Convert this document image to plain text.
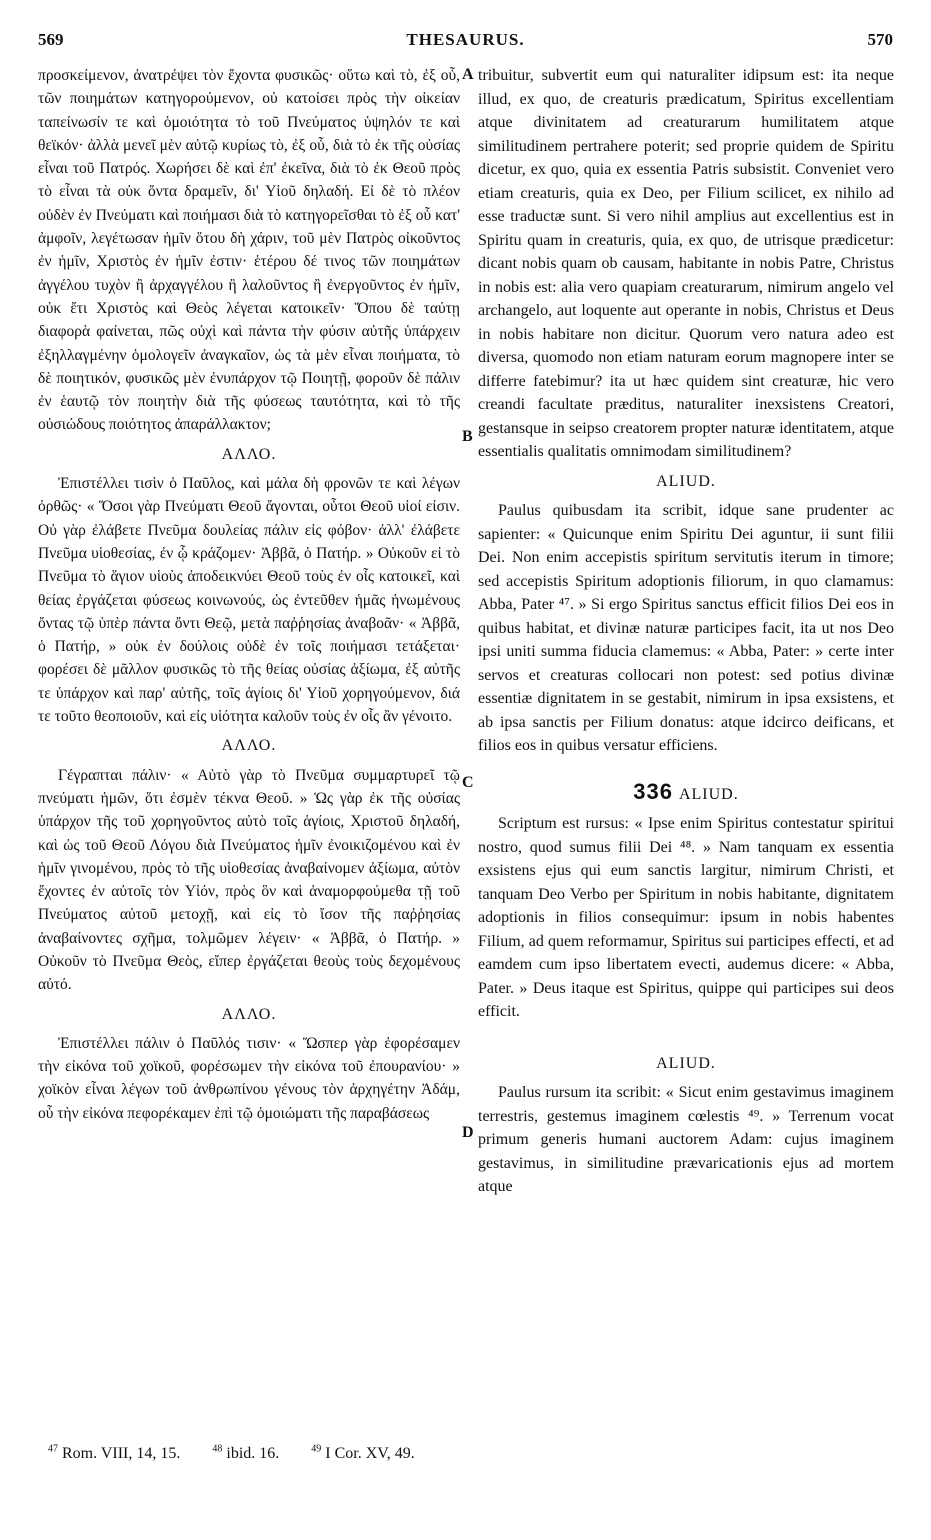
569	THESAURUS.	570

προσκείμενον, ἀνατρέψει τὸν ἔχοντα φυσικῶς· οὕτω καὶ τὸ, ἐξ οὗ, τῶν ποιημάτων κατηγορούμενον, οὐ κατοίσει πρὸς τὴν οἰκείαν ταπείνωσίν τε καὶ ὁμοιότητα τὸ τοῦ Πνεύματος ὑψηλόν τε καὶ θεϊκόν· ἀλλὰ μενεῖ μὲν αὐτῷ κυρίως τὸ, ἐξ οὗ, διὰ τὸ ἐκ τῆς οὐσίας εἶναι τοῦ Πατρός. Χωρήσει δὲ καὶ ἐπ' ἐκεῖνα, διὰ τὸ ἐκ Θεοῦ πρὸς τὸ εἶναι τὰ οὐκ ὄντα δραμεῖν, δι' Υἱοῦ δηλαδή. Εἰ δὲ τὸ πλέον οὐδὲν ἐν Πνεύματι καὶ ποιήμασι διὰ τὸ κατηγορεῖσθαι τὸ ἐξ οὗ κατ' ἀμφοῖν, λεγέτωσαν ἡμῖν ὅτου δὴ χάριν, τοῦ μὲν Πατρὸς οἰκοῦντος ἐν ἡμῖν, Χριστὸς ἐν ἡμῖν ἐστιν· ἑτέρου δέ τινος τῶν ποιημάτων ἀγγέλου τυχὸν ἢ ἀρχαγγέλου ἢ λαλοῦντος ἢ ἐνεργοῦντος ἐν ἡμῖν, οὐκ ἔτι Χριστὸς καὶ Θεὸς λέγεται κατοικεῖν· Ὅπου δὲ ταύτῃ διαφορὰ φαίνεται, πῶς οὐχὶ καὶ πάντα τὴν φύσιν αὐτῆς ὑπάρχειν ἐξηλλαγμένην ὁμολογεῖν ἀναγκαῖον, ὡς τὰ μὲν εἶναι ποιήματα, τὸ δὲ ποιητικόν, φυσικῶς μὲν ἐνυπάρχον τῷ Ποιητῇ, φοροῦν δὲ πάλιν ἐν ἑαυτῷ τὸν ποιητὴν διὰ τῆς φύσεως ταυτότητα, καὶ τὸ τῆς οὐσιώδους ποιότητος ἀπαράλλακτον;

ΑΛΛΟ.

Ἐπιστέλλει τισὶν ὁ Παῦλος, καὶ μάλα δὴ φρονῶν τε καὶ λέγων ὀρθῶς· « Ὅσοι γὰρ Πνεύματι Θεοῦ ἄγονται, οὗτοι Θεοῦ υἱοί εἰσιν. Οὐ γὰρ ἐλάβετε Πνεῦμα δουλείας πάλιν εἰς φόβον· ἀλλ' ἐλάβετε Πνεῦμα υἱοθεσίας, ἐν ᾧ κράζομεν· Ἀββᾶ, ὁ Πατήρ. » Οὐκοῦν εἰ τὸ Πνεῦμα τὸ ἅγιον υἱοὺς ἀποδεικνύει Θεοῦ τοὺς ἐν οἷς κατοικεῖ, καὶ θείας ἐργάζεται φύσεως κοινωνούς, ὡς ἐντεῦθεν ἡμᾶς ἡνωμένους ὄντας τῷ ὑπὲρ πάντα ὄντι Θεῷ, μετὰ παῤῥησίας ἀναβοᾶν· « Ἀββᾶ, ὁ Πατήρ, » οὐκ ἐν δούλοις οὐδὲ ἐν τοῖς ποιήμασι τετάξεται· φορέσει δὲ μᾶλλον φυσικῶς τὸ τῆς θείας οὐσίας ἀξίωμα, ἐξ αὐτῆς τε ὑπάρχον καὶ παρ' αὐτῆς, τοῖς ἁγίοις δι' Υἱοῦ χορηγούμενον, διά τε τοῦτο θεοποιοῦν, καὶ εἰς υἱότητα καλοῦν τοὺς ἐν οἷς ἂν γένοιτο.

ΑΛΛΟ.

Γέγραπται πάλιν· « Αὐτὸ γὰρ τὸ Πνεῦμα συμμαρτυρεῖ τῷ πνεύματι ἡμῶν, ὅτι ἐσμὲν τέκνα Θεοῦ. » Ὡς γὰρ ἐκ τῆς οὐσίας ὑπάρχον τῆς τοῦ χορηγοῦντος αὐτὸ τοῖς ἁγίοις, Χριστοῦ δηλαδή, καὶ ὡς τοῦ Θεοῦ Λόγου διὰ Πνεύματος ἡμῖν ἐνοικιζομένου καὶ ἐν ἡμῖν γινομένου, πρὸς τὸ τῆς υἱοθεσίας ἀναβαίνομεν ἀξίωμα, αὐτὸν ἔχοντες ἐν αὐτοῖς τὸν Υἱόν, πρὸς ὃν καὶ ἀναμορφούμεθα τῇ τοῦ Πνεύματος αὐτοῦ μετοχῇ, καὶ εἰς τὸ ἴσον τῆς παῤῥησίας ἀναβαίνοντες σχῆμα, τολμῶμεν λέγειν· « Ἀββᾶ, ὁ Πατήρ. » Οὐκοῦν τὸ Πνεῦμα Θεὸς, εἴπερ ἐργάζεται θεοὺς τοὺς δεχομένους αὐτό.

ΑΛΛΟ.

Ἐπιστέλλει πάλιν ὁ Παῦλός τισιν· « Ὥσπερ γὰρ ἐφορέσαμεν τὴν εἰκόνα τοῦ χοϊκοῦ, φορέσωμεν τὴν εἰκόνα τοῦ ἐπουρανίου· » χοϊκὸν εἶναι λέγων τοῦ ἀνθρωπίνου γένους τὸν ἀρχηγέτην Ἀδάμ, οὗ τὴν εἰκόνα πεφορέκαμεν ἐπὶ τῷ ὁμοιώματι τῆς παραβάσεως

A
B
C
D

tribuitur, subvertit eum qui naturaliter idipsum est: ita neque illud, ex quo, de creaturis prædicatum, Spiritus excellentiam atque divinitatem ad creaturarum humilitatem atque similitudinem pertrahere poterit; sed proprie quidem de Spiritu dicetur, ex quo, quia ex essentia Patris subsistit. Conveniet vero etiam creaturis, quia ex Deo, per Filium scilicet, ex nihilo ad esse traductæ sunt. Si vero nihil amplius aut excellentius est in Spiritu quam in creaturis, quia, ex quo, de utrisque prædicetur: dicant nobis quam ob causam, habitante in nobis Patre, Christus in nobis est: alia vero quapiam creaturarum, nimirum angelo vel archangelo, aut loquente aut operante in nobis, Christus et Deus in nobis habitare non dicitur. Quorum vero natura adeo est diversa, quomodo non etiam naturam eorum magnopere inter se differre fatebimur? ita ut hæc quidem sint creaturæ, hic vero creandi facultate præditus, naturaliter inexsistens Creatori, gestansque in seipso creatorem propter naturæ identitatem, atque essentialis qualitatis omnimodam similitudinem?

ALIUD.

Paulus quibusdam ita scribit, idque sane prudenter ac sapienter: « Quicunque enim Spiritu Dei aguntur, ii sunt filii Dei. Non enim accepistis spiritum servitutis iterum in timore; sed accepistis Spiritum adoptionis filiorum, in quo clamamus: Abba, Pater ⁴⁷. » Si ergo Spiritus sanctus efficit filios Dei eos in quibus habitat, et divinæ naturæ participes facit, ita ut nos Deo ipsi uniti summa fiducia clamemus: « Abba, Pater: » certe inter servos et creaturas collocari non potest: sed potius divinæ essentiæ dignitatem in se gestabit, nimirum in ipsa exsistens, et ab ipsa sanctis per Filium donatus: atque idcirco deificans, et filios eos in quibus versatur efficiens.

336 ALIUD.

Scriptum est rursus: « Ipse enim Spiritus contestatur spiritui nostro, quod sumus filii Dei ⁴⁸. » Nam tanquam ex essentia exsistens ejus qui eum sanctis largitur, nimirum Christi, et tanquam Deo Verbo per Spiritum in nobis habitante, dignitatem adoptionis in filios consequimur: ipsum in nobis habentes Filium, ad quem reformamur, Spiritus sui participes effecti, et ad eamdem cum ipso libertatem evecti, audemus dicere: « Abba, Pater. » Deus itaque est Spiritus, quippe qui participes sui deos efficit.

ALIUD.

Paulus rursum ita scribit: « Sicut enim gestavimus imaginem terrestris, gestemus imaginem cœlestis ⁴⁹. » Terrenum vocat primum generis humani auctorem Adam: cujus imaginem gestavimus, in similitudine prævaricationis ejus ad mortem atque

$^{47}$ Rom. VIII, 14, 15.	$^{48}$ ibid. 16.	$^{49}$ I Cor. XV, 49.
